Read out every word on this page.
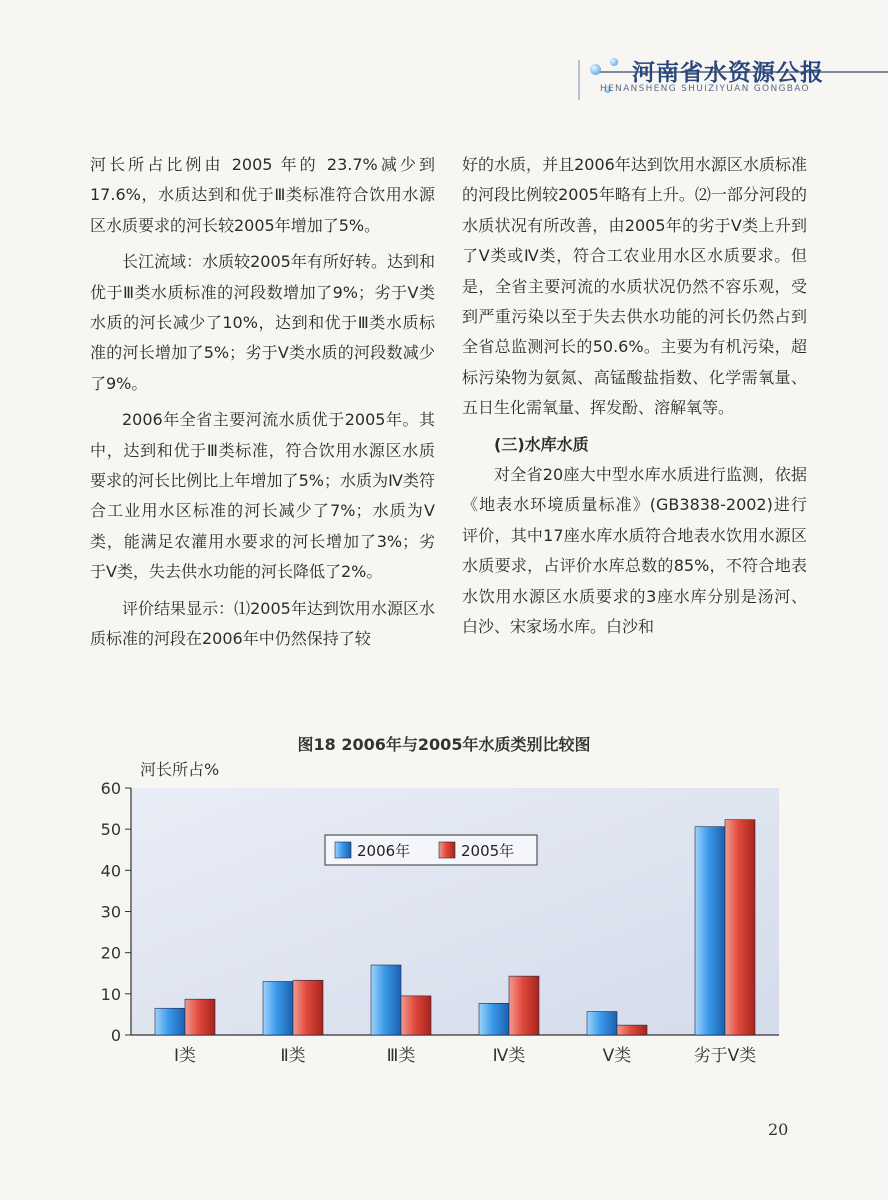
河南省水资源公报
HENANSHENG SHUIZIYUAN GONGBAO

河长所占比例由 2005 年的 23.7%减少到 17.6%，水质达到和优于Ⅲ类标准符合饮用水源区水质要求的河长较2005年增加了5%。

长江流域：水质较2005年有所好转。达到和优于Ⅲ类水质标准的河段数增加了9%；劣于Ⅴ类水质的河长减少了10%，达到和优于Ⅲ类水质标准的河长增加了5%；劣于Ⅴ类水质的河段数减少了9%。

2006年全省主要河流水质优于2005年。其中，达到和优于Ⅲ类标准，符合饮用水源区水质要求的河长比例比上年增加了5%；水质为Ⅳ类符合工业用水区标准的河长减少了7%；水质为Ⅴ类，能满足农灌用水要求的河长增加了3%；劣于Ⅴ类，失去供水功能的河长降低了2%。

评价结果显示：⑴2005年达到饮用水源区水质标准的河段在2006年中仍然保持了较

好的水质，并且2006年达到饮用水源区水质标准的河段比例较2005年略有上升。⑵一部分河段的水质状况有所改善，由2005年的劣于Ⅴ类上升到了Ⅴ类或Ⅳ类，符合工农业用水区水质要求。但是，全省主要河流的水质状况仍然不容乐观，受到严重污染以至于失去供水功能的河长仍然占到全省总监测河长的50.6%。主要为有机污染，超标污染物为氨氮、高锰酸盐指数、化学需氧量、五日生化需氧量、挥发酚、溶解氧等。

(三)水库水质

对全省20座大中型水库水质进行监测，依据《地表水环境质量标准》(GB3838-2002)进行评价，其中17座水库水质符合地表水饮用水源区水质要求，占评价水库总数的85%，不符合地表水饮用水源区水质要求的3座水库分别是汤河、白沙、宋家场水库。白沙和

图18 2006年与2005年水质类别比较图
0
10
20
30
40
50
60
Ⅰ类	Ⅱ类	Ⅲ类	Ⅳ类	Ⅴ类	劣于Ⅴ类
2006年	2005年
河长所占%
20
